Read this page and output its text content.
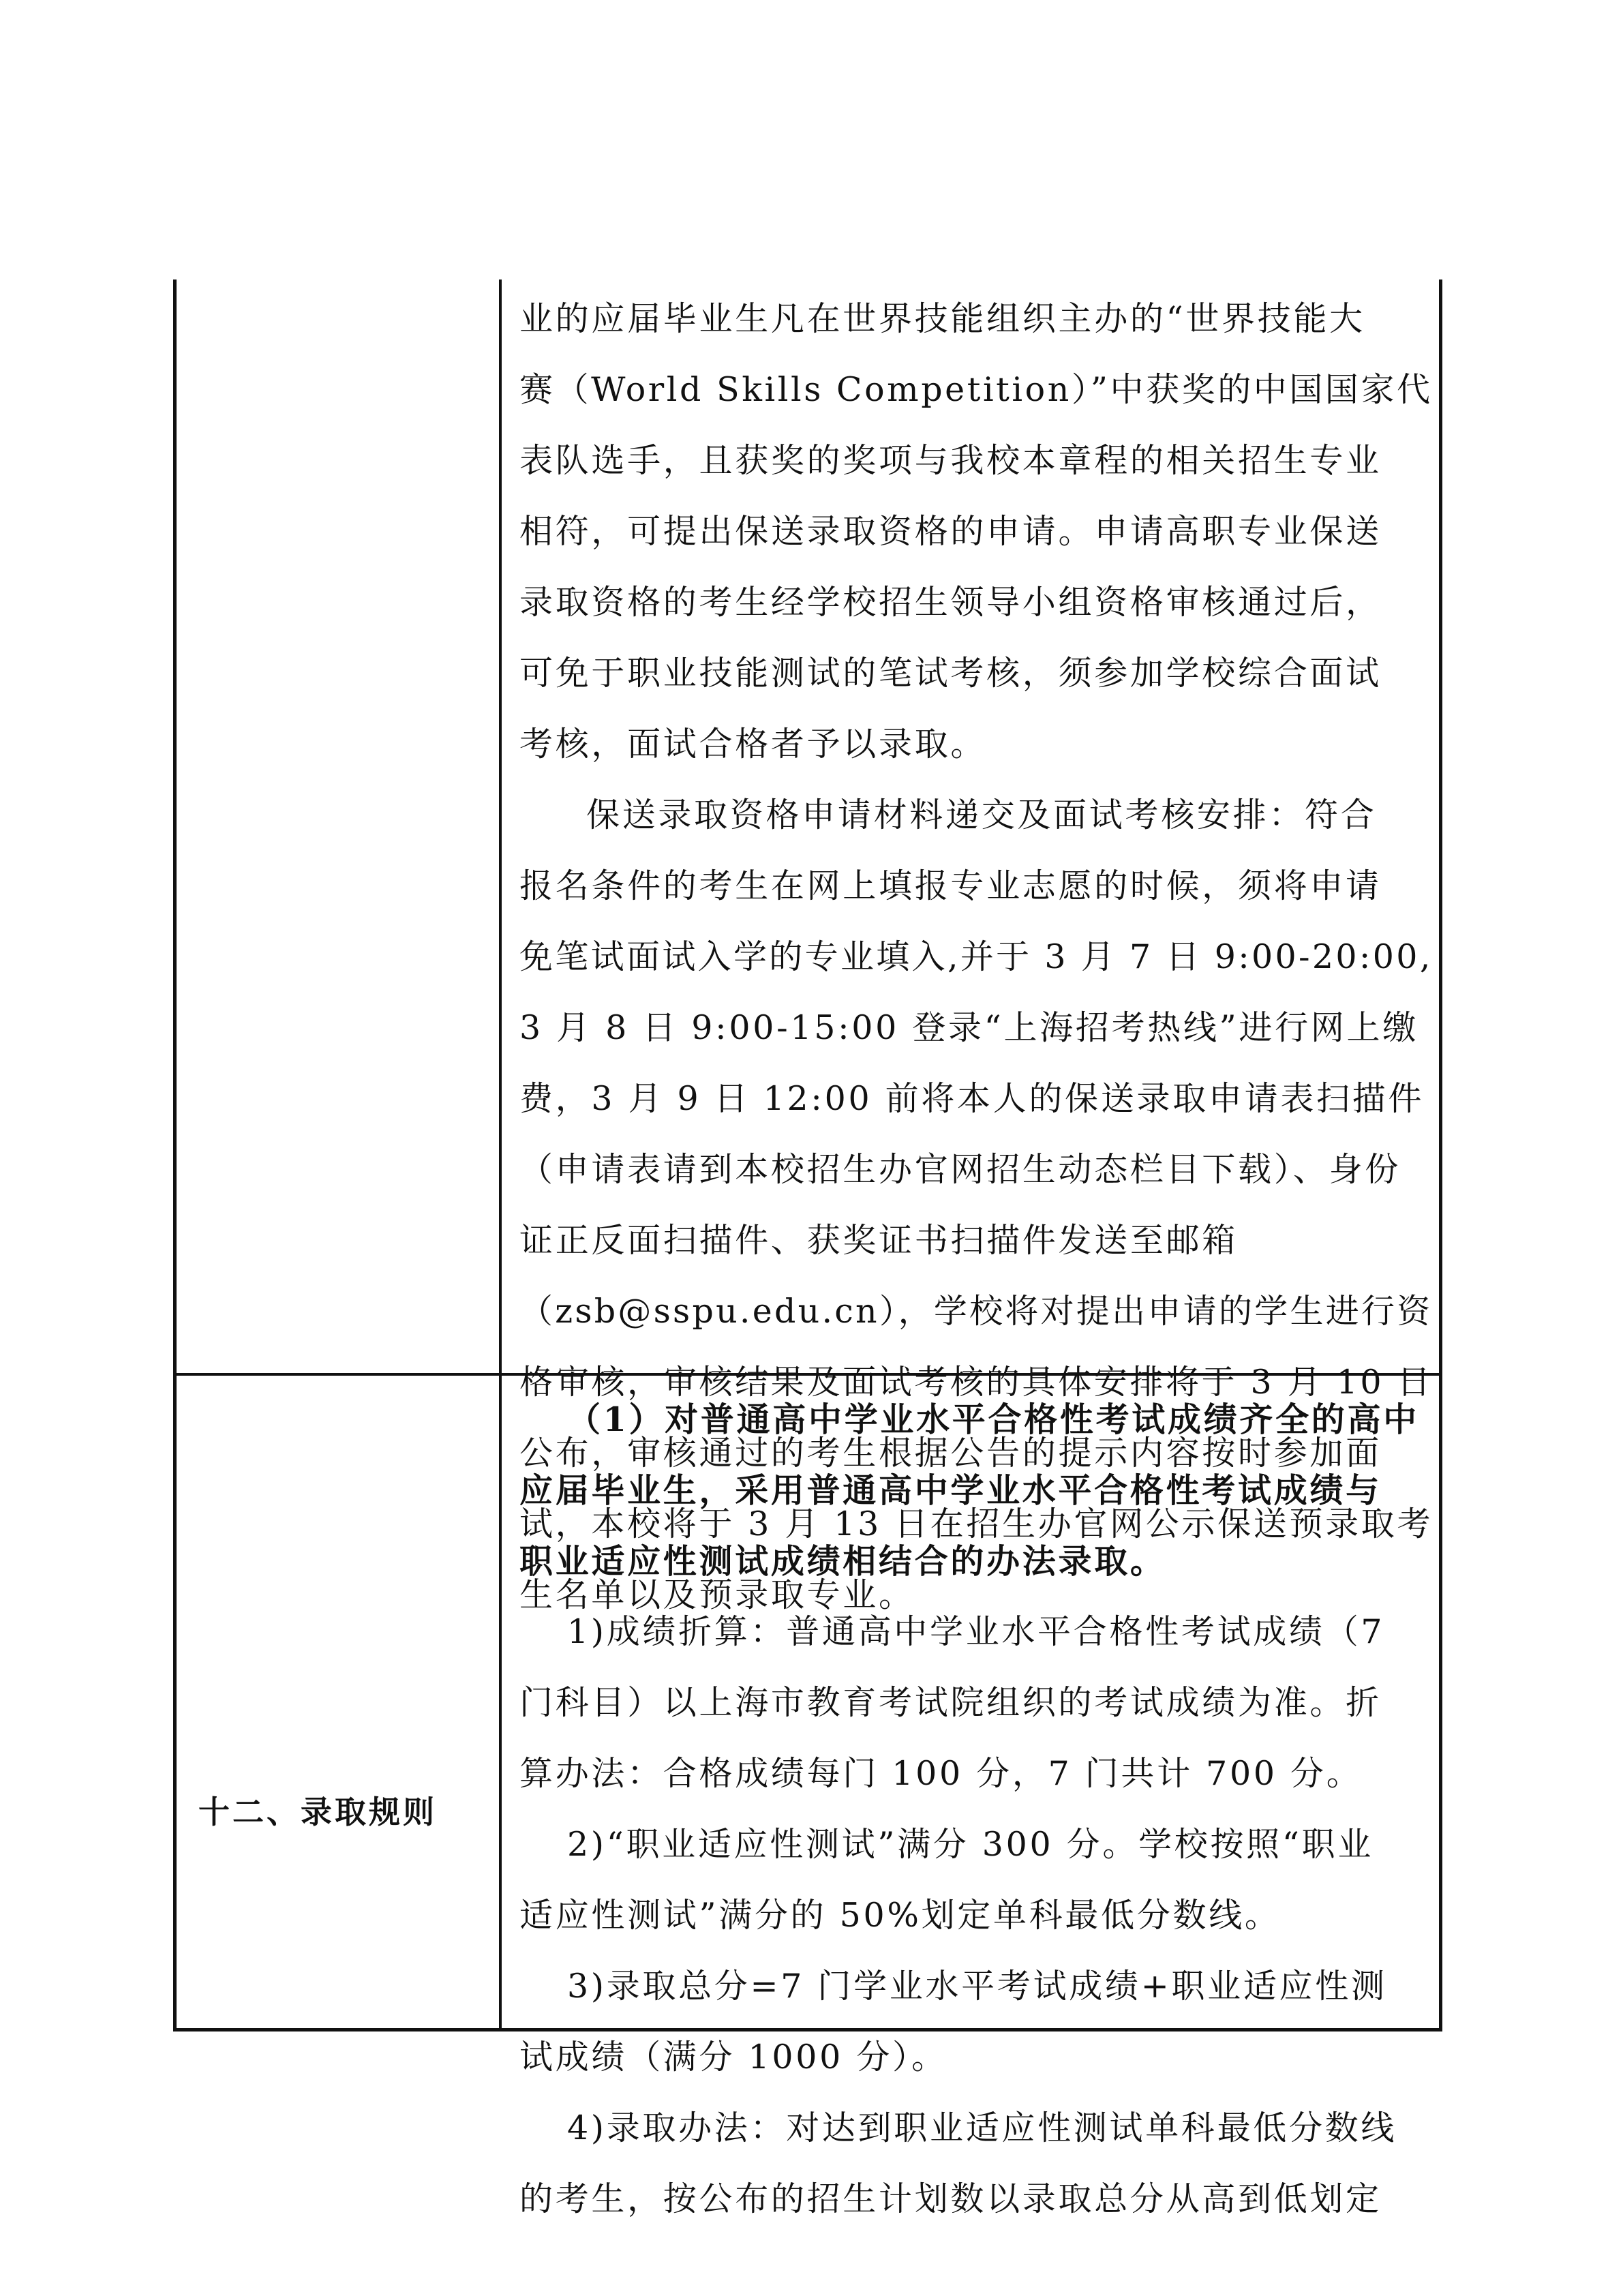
业的应届毕业生凡在世界技能组织主办的“世界技能大

赛（World Skills Competition）”中获奖的中国国家代

表队选手，且获奖的奖项与我校本章程的相关招生专业

相符，可提出保送录取资格的申请。申请高职专业保送

录取资格的考生经学校招生领导小组资格审核通过后，

可免于职业技能测试的笔试考核，须参加学校综合面试

考核，面试合格者予以录取。

保送录取资格申请材料递交及面试考核安排：符合

报名条件的考生在网上填报专业志愿的时候，须将申请

免笔试面试入学的专业填入,并于 3 月 7 日 9:00-20:00,

3 月 8 日 9:00-15:00 登录“上海招考热线”进行网上缴

费，3 月 9 日 12:00 前将本人的保送录取申请表扫描件

（申请表请到本校招生办官网招生动态栏目下载）、身份

证正反面扫描件、获奖证书扫描件发送至邮箱

（zsb@sspu.edu.cn），学校将对提出申请的学生进行资

格审核，审核结果及面试考核的具体安排将于 3 月 10 日

公布，审核通过的考生根据公告的提示内容按时参加面

试，本校将于 3 月 13 日在招生办官网公示保送预录取考

生名单以及预录取专业。

十二、录取规则

（1）对普通高中学业水平合格性考试成绩齐全的高中

应届毕业生，采用普通高中学业水平合格性考试成绩与

职业适应性测试成绩相结合的办法录取。

1)成绩折算：普通高中学业水平合格性考试成绩（7

门科目）以上海市教育考试院组织的考试成绩为准。折

算办法：合格成绩每门 100 分，7 门共计 700 分。

2)“职业适应性测试”满分 300 分。学校按照“职业

适应性测试”满分的 50%划定单科最低分数线。

3)录取总分=7 门学业水平考试成绩+职业适应性测

试成绩（满分 1000 分）。

4)录取办法：对达到职业适应性测试单科最低分数线

的考生，按公布的招生计划数以录取总分从高到低划定
